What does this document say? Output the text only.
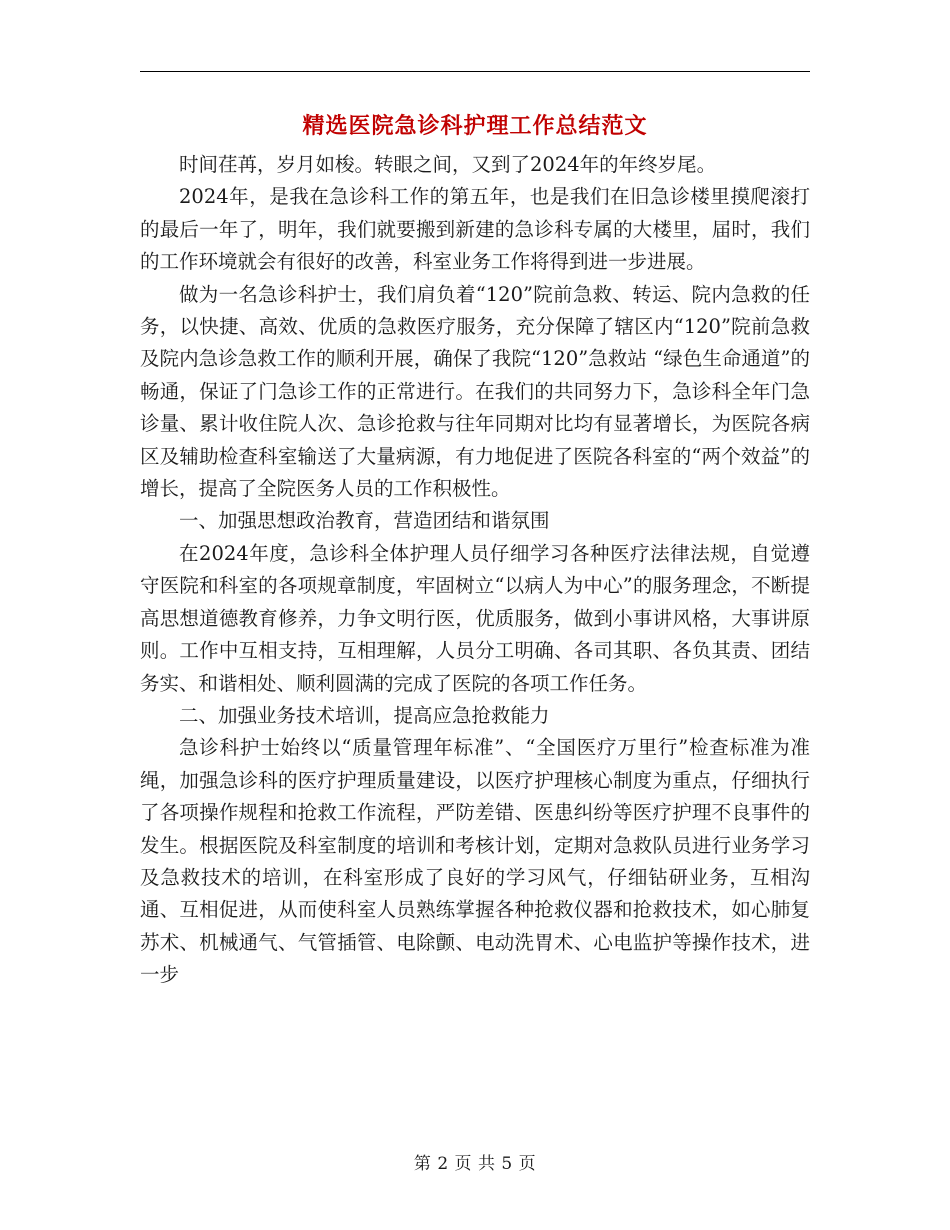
精选医院急诊科护理工作总结范文

时间荏苒，岁月如梭。转眼之间，又到了2024年的年终岁尾。

2024年，是我在急诊科工作的第五年，也是我们在旧急诊楼里摸爬滚打的最后一年了，明年，我们就要搬到新建的急诊科专属的大楼里，届时，我们的工作环境就会有很好的改善，科室业务工作将得到进一步进展。

做为一名急诊科护士，我们肩负着“120”院前急救、转运、院内急救的任务，以快捷、高效、优质的急救医疗服务，充分保障了辖区内“120”院前急救及院内急诊急救工作的顺利开展，确保了我院“120”急救站 “绿色生命通道”的畅通，保证了门急诊工作的正常进行。在我们的共同努力下，急诊科全年门急诊量、累计收住院人次、急诊抢救与往年同期对比均有显著增长，为医院各病区及辅助检查科室输送了大量病源，有力地促进了医院各科室的“两个效益”的增长，提高了全院医务人员的工作积极性。

一、加强思想政治教育，营造团结和谐氛围

在2024年度，急诊科全体护理人员仔细学习各种医疗法律法规，自觉遵守医院和科室的各项规章制度，牢固树立“以病人为中心”的服务理念，不断提高思想道德教育修养，力争文明行医，优质服务，做到小事讲风格，大事讲原则。工作中互相支持，互相理解，人员分工明确、各司其职、各负其责、团结务实、和谐相处、顺利圆满的完成了医院的各项工作任务。

二、加强业务技术培训，提高应急抢救能力

急诊科护士始终以“质量管理年标准”、“全国医疗万里行”检查标准为准绳，加强急诊科的医疗护理质量建设，以医疗护理核心制度为重点，仔细执行了各项操作规程和抢救工作流程，严防差错、医患纠纷等医疗护理不良事件的发生。根据医院及科室制度的培训和考核计划，定期对急救队员进行业务学习及急救技术的培训，在科室形成了良好的学习风气，仔细钻研业务，互相沟通、互相促进，从而使科室人员熟练掌握各种抢救仪器和抢救技术，如心肺复苏术、机械通气、气管插管、电除颤、电动洗胃术、心电监护等操作技术，进一步

第 2 页 共 5 页
